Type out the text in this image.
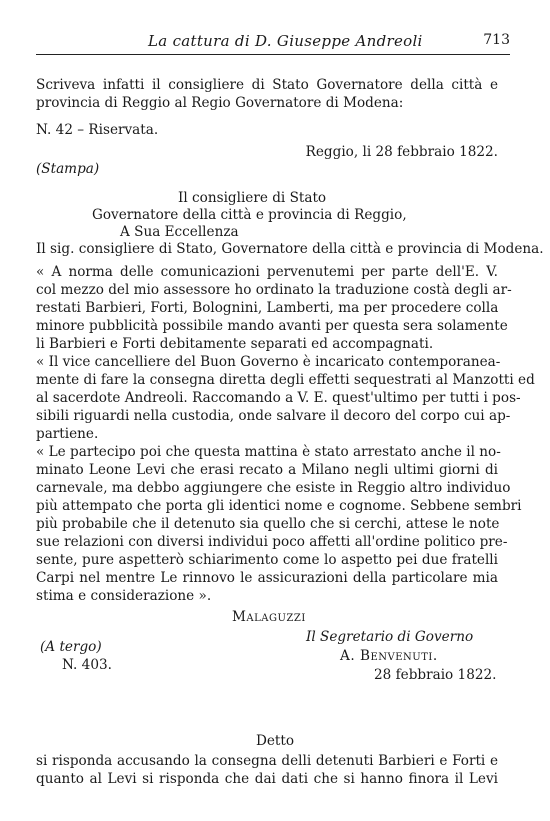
La cattura di D. Giuseppe Andreoli	713
Scriveva infatti il consigliere di Stato Governatore della città e
provincia di Reggio al Regio Governatore di Modena:
N. 42 – Riservata.
Reggio, li 28 febbraio 1822.
(Stampa)
Il consigliere di Stato
Governatore della città e provincia di Reggio,
A Sua Eccellenza
Il sig. consigliere di Stato, Governatore della città e provincia di Modena.
« A norma delle comunicazioni pervenutemi per parte dell'E. V.
col mezzo del mio assessore ho ordinato la traduzione costà degli ar-
restati Barbieri, Forti, Bolognini, Lamberti, ma per procedere colla
minore pubblicità possibile mando avanti per questa sera solamente
li Barbieri e Forti debitamente separati ed accompagnati.
« Il vice cancelliere del Buon Governo è incaricato contemporanea-
mente di fare la consegna diretta degli effetti sequestrati al Manzotti ed
al sacerdote Andreoli. Raccomando a V. E. quest'ultimo per tutti i pos-
sibili riguardi nella custodia, onde salvare il decoro del corpo cui ap-
partiene.
« Le partecipo poi che questa mattina è stato arrestato anche il no-
minato Leone Levi che erasi recato a Milano negli ultimi giorni di
carnevale, ma debbo aggiungere che esiste in Reggio altro individuo
più attempato che porta gli identici nome e cognome. Sebbene sembri
più probabile che il detenuto sia quello che si cerchi, attese le note
sue relazioni con diversi individui poco affetti all'ordine politico pre-
sente, pure aspetterò schiarimento come lo aspetto pei due fratelli
Carpi nel mentre Le rinnovo le assicurazioni della particolare mia
stima e considerazione ».
Malaguzzi
Il Segretario di Governo
A. Benvenuti.
(A tergo)
N. 403.
28 febbraio 1822.
Detto
si risponda accusando la consegna delli detenuti Barbieri e Forti e
quanto al Levi si risponda che dai dati che si hanno finora il Levi
